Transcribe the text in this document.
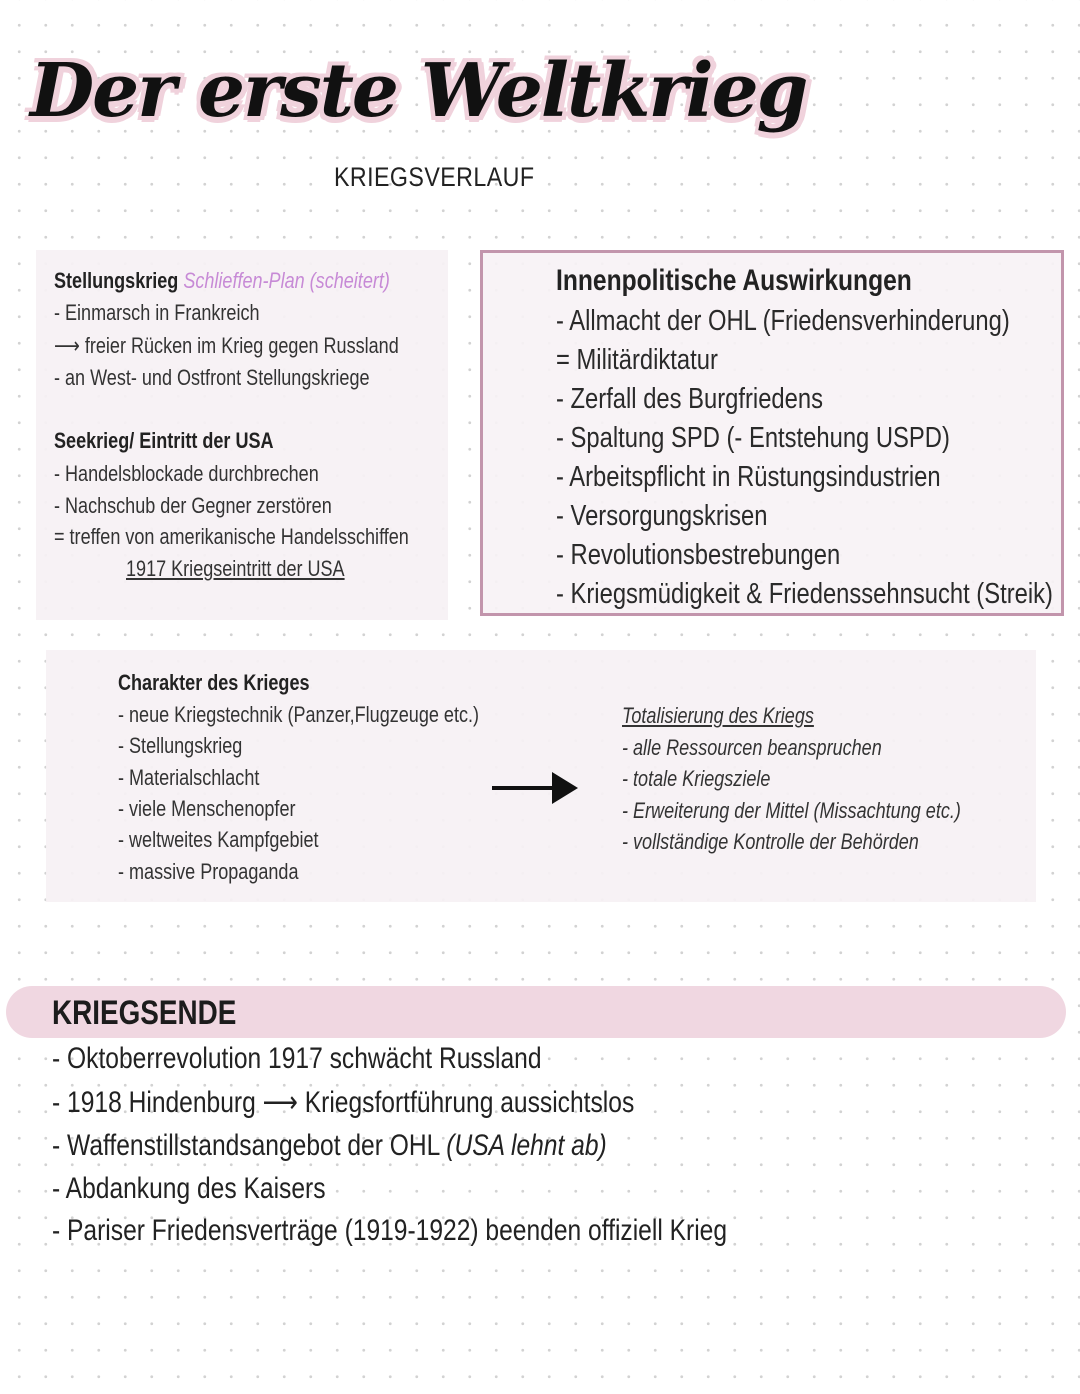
Der erste Weltkrieg
KRIEGSVERLAUF
Stellungskrieg Schlieffen-Plan (scheitert)
- Einmarsch in Frankreich
⟶ freier Rücken im Krieg gegen Russland
- an West- und Ostfront Stellungskriege
Seekrieg/ Eintritt der USA
- Handelsblockade durchbrechen
- Nachschub der Gegner zerstören
= treffen von amerikanische Handelsschiffen
1917 Kriegseintritt der USA
Innenpolitische Auswirkungen
- Allmacht der OHL (Friedensverhinderung)
= Militärdiktatur
- Zerfall des Burgfriedens
- Spaltung SPD (- Entstehung USPD)
- Arbeitspflicht in Rüstungsindustrien
- Versorgungskrisen
- Revolutionsbestrebungen
- Kriegsmüdigkeit & Friedenssehnsucht (Streik)
Charakter des Krieges
- neue Kriegstechnik (Panzer,Flugzeuge etc.)
- Stellungskrieg
- Materialschlacht
- viele Menschenopfer
- weltweites Kampfgebiet
- massive Propaganda
Totalisierung des Kriegs
- alle Ressourcen beanspruchen
- totale Kriegsziele
- Erweiterung der Mittel (Missachtung etc.)
- vollständige Kontrolle der Behörden
KRIEGSENDE
- Oktoberrevolution 1917 schwächt Russland
- 1918 Hindenburg ⟶ Kriegsfortführung aussichtslos
- Waffenstillstandsangebot der OHL (USA lehnt ab)
- Abdankung des Kaisers
- Pariser Friedensverträge (1919-1922) beenden offiziell Krieg
